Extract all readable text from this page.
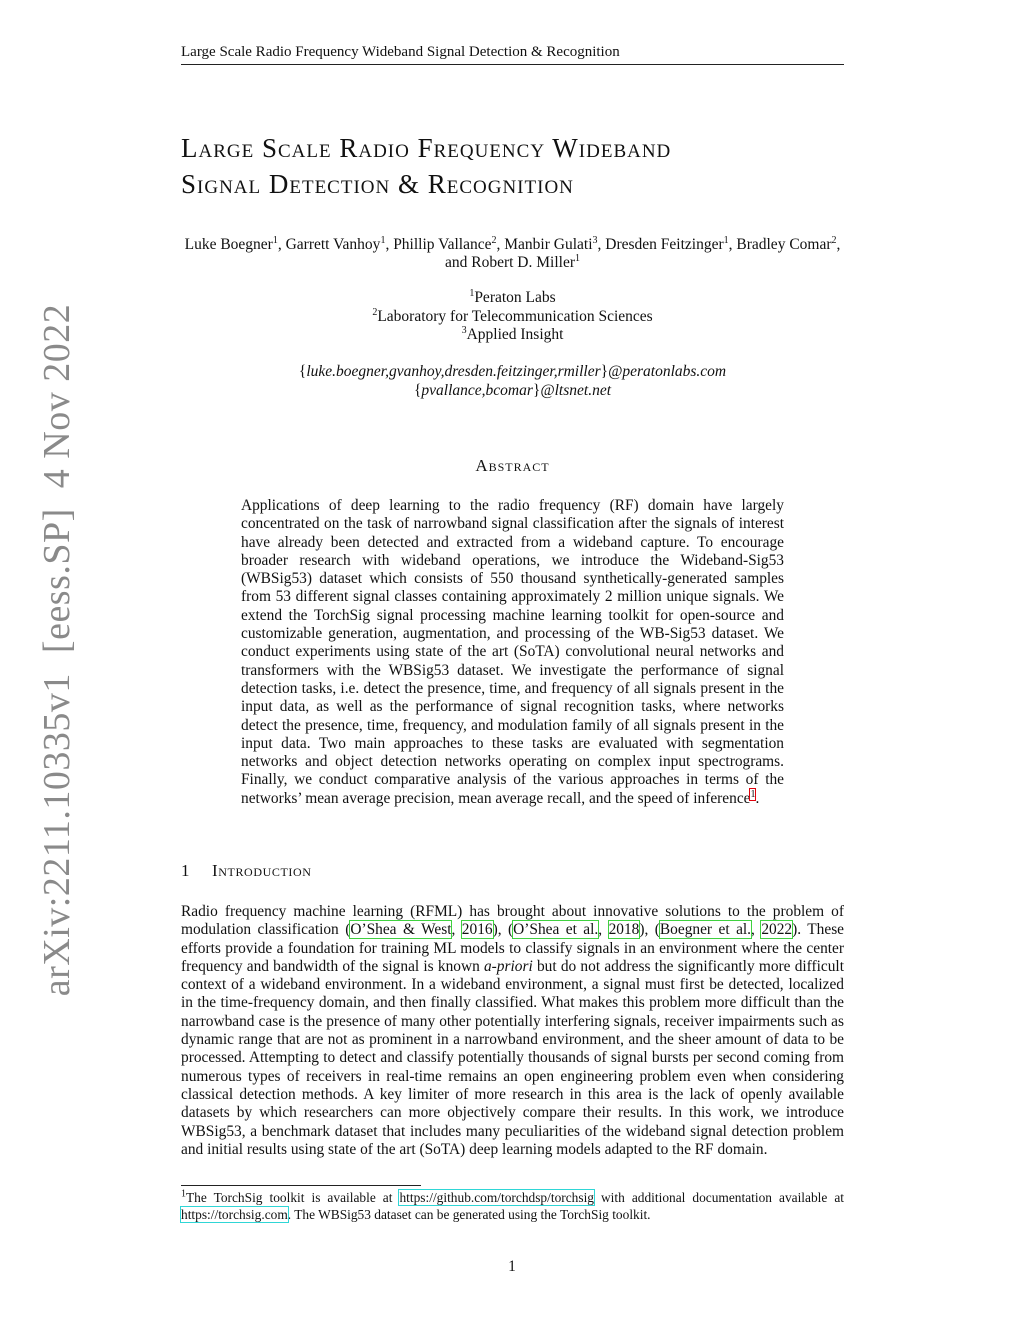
Large Scale Radio Frequency Wideband Signal Detection & Recognition
Large Scale Radio Frequency Wideband
Signal Detection & Recognition
Luke Boegner$^1$, Garrett Vanhoy$^1$, Phillip Vallance$^2$, Manbir Gulati$^3$, Dresden Feitzinger$^1$, Bradley Comar$^2$, and Robert D. Miller$^1$
$^1$Peraton Labs
$^2$Laboratory for Telecommunication Sciences
$^3$Applied Insight
{luke.boegner,gvanhoy,dresden.feitzinger,rmiller}@peratonlabs.com
{pvallance,bcomar}@ltsnet.net
Abstract
Applications of deep learning to the radio frequency (RF) domain have largely concentrated on the task of narrowband signal classification after the signals of interest have already been detected and extracted from a wideband capture. To encourage broader research with wideband operations, we introduce the Wideband-Sig53 (WBSig53) dataset which consists of 550 thousand synthetically-generated samples from 53 different signal classes containing approximately 2 million unique signals. We extend the TorchSig signal processing machine learning toolkit for open-source and customizable generation, augmentation, and processing of the WB-Sig53 dataset. We conduct experiments using state of the art (SoTA) convolutional neural networks and transformers with the WBSig53 dataset. We investigate the performance of signal detection tasks, i.e. detect the presence, time, and frequency of all signals present in the input data, as well as the performance of signal recognition tasks, where networks detect the presence, time, frequency, and modulation family of all signals present in the input data. Two main approaches to these tasks are evaluated with segmentation networks and object detection networks operating on complex input spectrograms. Finally, we conduct comparative analysis of the various approaches in terms of the networks’ mean average precision, mean average recall, and the speed of inference$^1$.
1 Introduction
Radio frequency machine learning (RFML) has brought about innovative solutions to the problem of modulation classification (O’Shea & West, 2016), (O’Shea et al., 2018), (Boegner et al., 2022). These efforts provide a foundation for training ML models to classify signals in an environment where the center frequency and bandwidth of the signal is known a-priori but do not address the significantly more difficult context of a wideband environment. In a wideband environment, a signal must first be detected, localized in the time-frequency domain, and then finally classified. What makes this problem more difficult than the narrowband case is the presence of many other potentially interfering signals, receiver impairments such as dynamic range that are not as prominent in a narrowband environment, and the sheer amount of data to be processed. Attempting to detect and classify potentially thousands of signal bursts per second coming from numerous types of receivers in real-time remains an open engineering problem even when considering classical detection methods. A key limiter of more research in this area is the lack of openly available datasets by which researchers can more objectively compare their results. In this work, we introduce WBSig53, a benchmark dataset that includes many peculiarities of the wideband signal detection problem and initial results using state of the art (SoTA) deep learning models adapted to the RF domain.
$^1$The TorchSig toolkit is available at https://github.com/torchdsp/torchsig with additional documentation available at https://torchsig.com. The WBSig53 dataset can be generated using the TorchSig toolkit.
1
arXiv:2211.10335v1  [eess.SP]  4 Nov 2022
